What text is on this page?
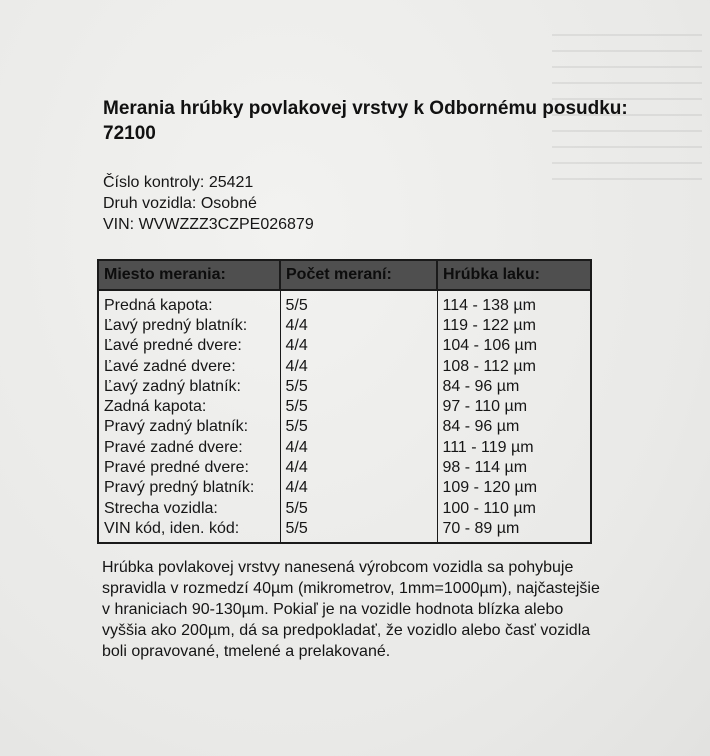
Merania hrúbky povlakovej vrstvy k Odbornému posudku: 72100
Číslo kontroly: 25421
Druh vozidla: Osobné
VIN: WVWZZZ3CZPE026879
Miesto merania:	Počet meraní:	Hrúbka laku:
Predná kapota:	5/5	114 - 138 µm
Ľavý predný blatník:	4/4	119 - 122 µm
Ľavé predné dvere:	4/4	104 - 106 µm
Ľavé zadné dvere:	4/4	108 - 112 µm
Ľavý zadný blatník:	5/5	84 - 96 µm
Zadná kapota:	5/5	97 - 110 µm
Pravý zadný blatník:	5/5	84 - 96 µm
Pravé zadné dvere:	4/4	111 - 119 µm
Pravé predné dvere:	4/4	98 - 114 µm
Pravý predný blatník:	4/4	109 - 120 µm
Strecha vozidla:	5/5	100 - 110 µm
VIN kód, iden. kód:	5/5	70 - 89 µm
Hrúbka povlakovej vrstvy nanesená výrobcom vozidla sa pohybuje spravidla v rozmedzí 40µm (mikrometrov, 1mm=1000µm), najčastejšie v hraniciach 90-130µm. Pokiaľ je na vozidle hodnota blízka alebo vyššia ako 200µm, dá sa predpokladať, že vozidlo alebo časť vozidla boli opravované, tmelené a prelakované.
